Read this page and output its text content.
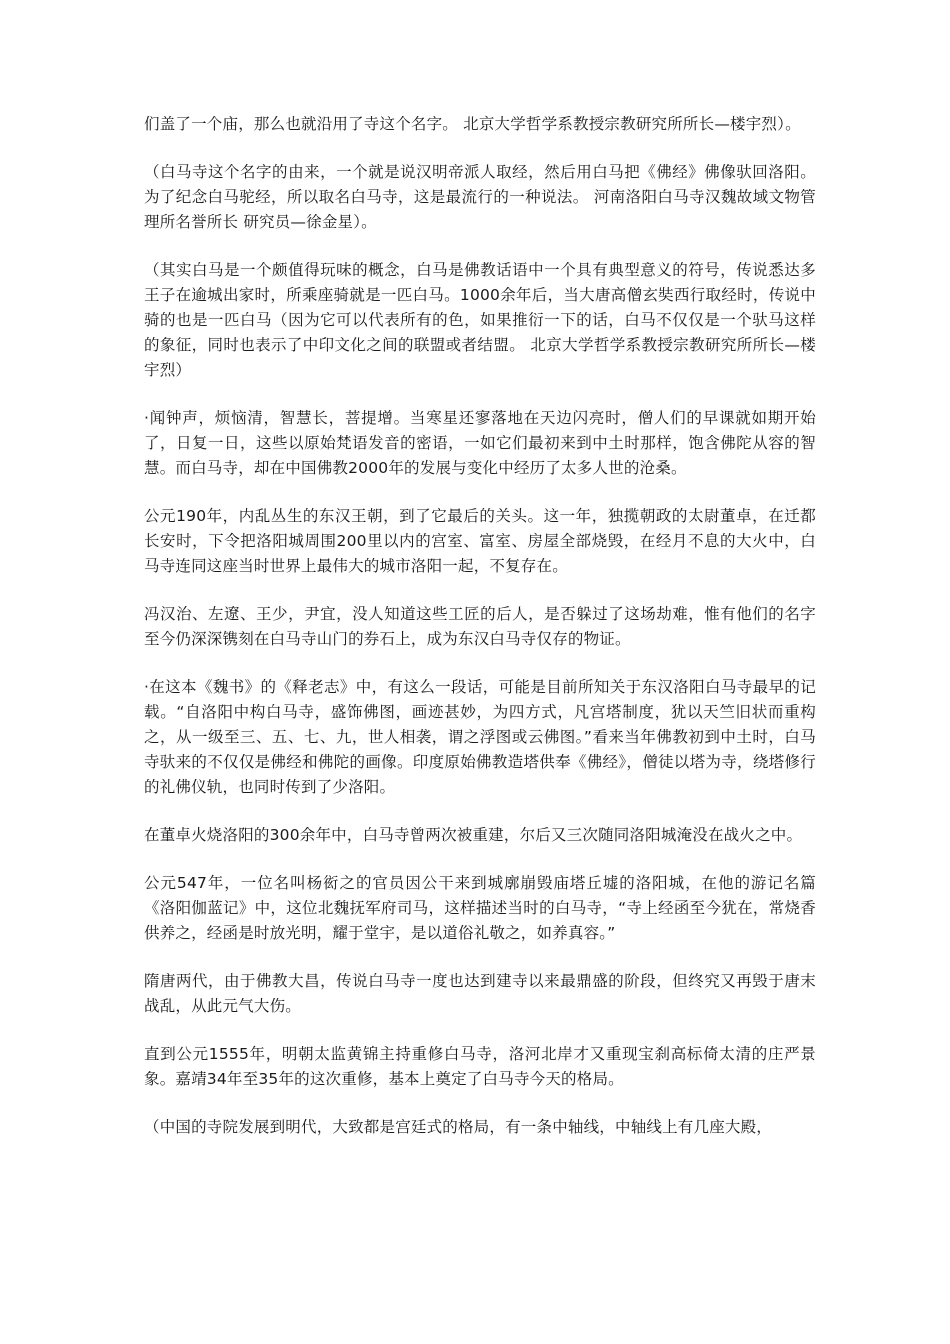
们盖了一个庙，那么也就沿用了寺这个名字。 北京大学哲学系教授宗教研究所所长—楼宇烈）。

（白马寺这个名字的由来，一个就是说汉明帝派人取经，然后用白马把《佛经》佛像驮回洛阳。为了纪念白马驼经，所以取名白马寺，这是最流行的一种说法。 河南洛阳白马寺汉魏故域文物管理所名誉所长 研究员—徐金星）。

（其实白马是一个颇值得玩味的概念，白马是佛教话语中一个具有典型意义的符号，传说悉达多王子在逾城出家时，所乘座骑就是一匹白马。1000余年后，当大唐高僧玄奘西行取经时，传说中骑的也是一匹白马（因为它可以代表所有的色，如果推衍一下的话，白马不仅仅是一个驮马这样的象征，同时也表示了中印文化之间的联盟或者结盟。 北京大学哲学系教授宗教研究所所长—楼宇烈）

·闻钟声，烦恼清，智慧长，菩提增。当寒星还寥落地在天边闪亮时，僧人们的早课就如期开始了，日复一日，这些以原始梵语发音的密语，一如它们最初来到中土时那样，饱含佛陀从容的智慧。而白马寺，却在中国佛教2000年的发展与变化中经历了太多人世的沧桑。

公元190年，内乱丛生的东汉王朝，到了它最后的关头。这一年，独揽朝政的太尉董卓，在迁都长安时，下令把洛阳城周围200里以内的宫室、富室、房屋全部烧毁，在经月不息的大火中，白马寺连同这座当时世界上最伟大的城市洛阳一起，不复存在。

冯汉治、左遼、王少，尹宜，没人知道这些工匠的后人，是否躲过了这场劫难，惟有他们的名字至今仍深深镌刻在白马寺山门的券石上，成为东汉白马寺仅存的物证。

·在这本《魏书》的《释老志》中，有这么一段话，可能是目前所知关于东汉洛阳白马寺最早的记载。“自洛阳中构白马寺，盛饰佛图，画迹甚妙，为四方式，凡宫塔制度，犹以天竺旧状而重构之，从一级至三、五、七、九，世人相袭，谓之浮图或云佛图。”看来当年佛教初到中土时，白马寺驮来的不仅仅是佛经和佛陀的画像。印度原始佛教造塔供奉《佛经》，僧徒以塔为寺，绕塔修行的礼佛仪轨，也同时传到了少洛阳。

在董卓火烧洛阳的300余年中，白马寺曾两次被重建，尔后又三次随同洛阳城淹没在战火之中。

公元547年，一位名叫杨衒之的官员因公干来到城廓崩毁庙塔丘墟的洛阳城，在他的游记名篇《洛阳伽蓝记》中，这位北魏抚军府司马，这样描述当时的白马寺，“寺上经函至今犹在，常烧香供养之，经函是时放光明，耀于堂宇，是以道俗礼敬之，如养真容。”

隋唐两代，由于佛教大昌，传说白马寺一度也达到建寺以来最鼎盛的阶段，但终究又再毁于唐末战乱，从此元气大伤。

直到公元1555年，明朝太监黄锦主持重修白马寺，洛河北岸才又重现宝刹高标倚太清的庄严景象。嘉靖34年至35年的这次重修，基本上奠定了白马寺今天的格局。

（中国的寺院发展到明代，大致都是宫廷式的格局，有一条中轴线，中轴线上有几座大殿，
